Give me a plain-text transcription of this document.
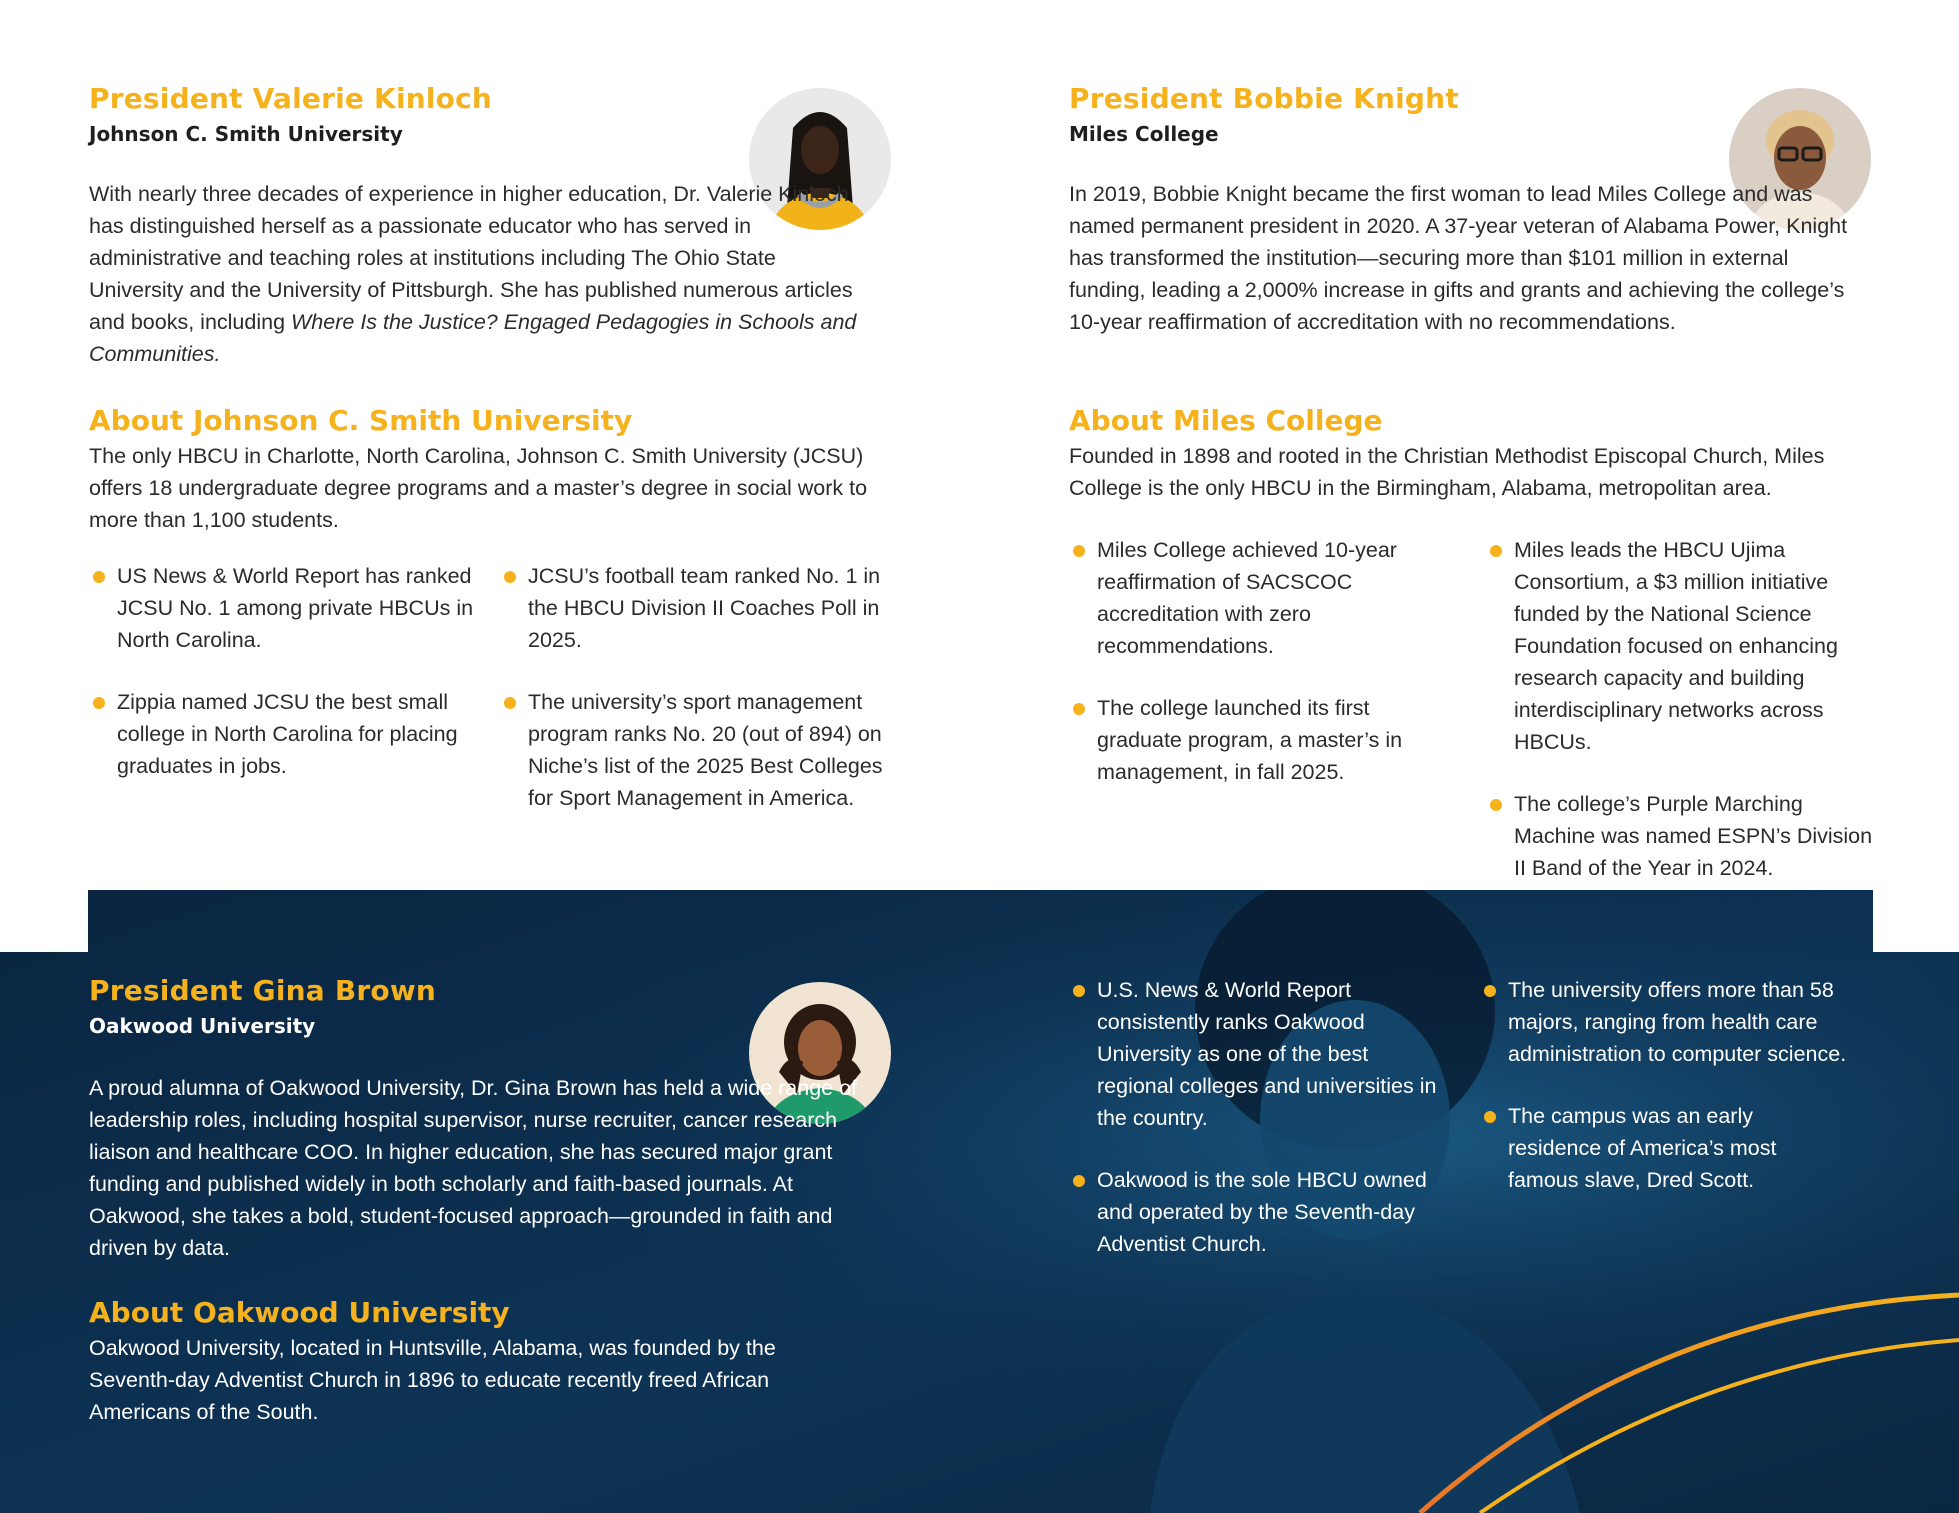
President Valerie Kinloch
Johnson C. Smith University

With nearly three decades of experience in higher education, Dr. Valerie Kinloch has distinguished herself as a passionate educator who has served in administrative and teaching roles at institutions including The Ohio State University and the University of Pittsburgh. She has published numerous articles and books, including Where Is the Justice? Engaged Pedagogies in Schools and Communities.

About Johnson C. Smith University

The only HBCU in Charlotte, North Carolina, Johnson C. Smith University (JCSU) offers 18 undergraduate degree programs and a master’s degree in social work to more than 1,100 students.

US News & World Report has ranked JCSU No. 1 among private HBCUs in North Carolina.
Zippia named JCSU the best small college in North Carolina for placing graduates in jobs.
JCSU’s football team ranked No. 1 in the HBCU Division II Coaches Poll in 2025.
The university’s sport management program ranks No. 20 (out of 894) on Niche’s list of the 2025 Best Colleges for Sport Management in America.
President Bobbie Knight
Miles College

In 2019, Bobbie Knight became the first woman to lead Miles College and was named permanent president in 2020. A 37-year veteran of Alabama Power, Knight has transformed the institution—securing more than $101 million in external funding, leading a 2,000% increase in gifts and grants and achieving the college’s 10-year reaffirmation of accreditation with no recommendations.

About Miles College

Founded in 1898 and rooted in the Christian Methodist Episcopal Church, Miles College is the only HBCU in the Birmingham, Alabama, metropolitan area.

Miles College achieved 10-year reaffirmation of SACSCOC accreditation with zero recommendations.
The college launched its first graduate program, a master’s in management, in fall 2025.
Miles leads the HBCU Ujima Consortium, a $3 million initiative funded by the National Science Foundation focused on enhancing research capacity and building interdisciplinary networks across HBCUs.
The college’s Purple Marching Machine was named ESPN’s Division II Band of the Year in 2024.
President Gina Brown
Oakwood University

A proud alumna of Oakwood University, Dr. Gina Brown has held a wide range of leadership roles, including hospital supervisor, nurse recruiter, cancer research liaison and healthcare COO. In higher education, she has secured major grant funding and published widely in both scholarly and faith-based journals. At Oakwood, she takes a bold, student-focused approach—grounded in faith and driven by data.

About Oakwood University

Oakwood University, located in Huntsville, Alabama, was founded by the Seventh-day Adventist Church in 1896 to educate recently freed African Americans of the South.

U.S. News & World Report consistently ranks Oakwood University as one of the best regional colleges and universities in the country.
Oakwood is the sole HBCU owned and operated by the Seventh-day Adventist Church.
The university offers more than 58 majors, ranging from health care administration to computer science.
The campus was an early residence of America’s most famous slave, Dred Scott.
